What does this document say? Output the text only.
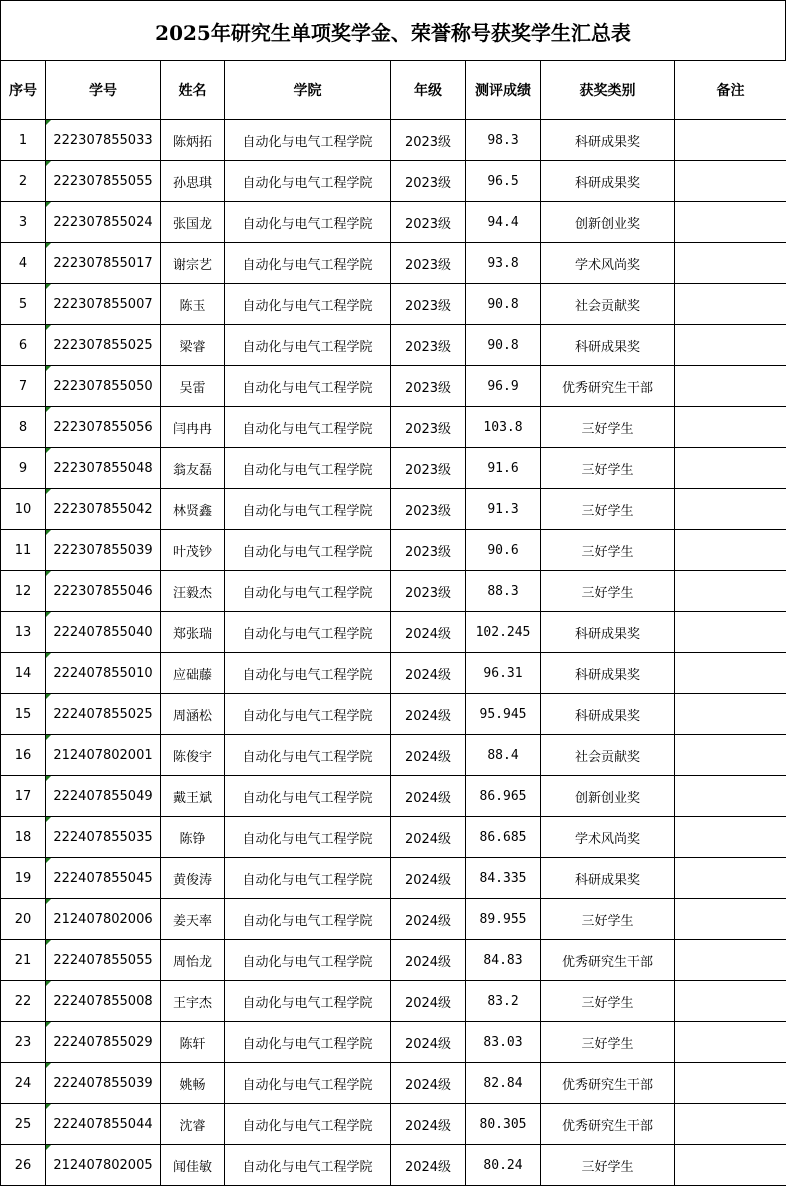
2025年研究生单项奖学金、荣誉称号获奖学生汇总表
序号	学号	姓名	学院	年级	测评成绩	获奖类别	备注
1	222307855033	陈炳拓	自动化与电气工程学院	2023级	98.3	科研成果奖	
2	222307855055	孙思琪	自动化与电气工程学院	2023级	96.5	科研成果奖	
3	222307855024	张国龙	自动化与电气工程学院	2023级	94.4	创新创业奖	
4	222307855017	谢宗艺	自动化与电气工程学院	2023级	93.8	学术风尚奖	
5	222307855007	陈玉	自动化与电气工程学院	2023级	90.8	社会贡献奖	
6	222307855025	梁睿	自动化与电气工程学院	2023级	90.8	科研成果奖	
7	222307855050	吴雷	自动化与电气工程学院	2023级	96.9	优秀研究生干部	
8	222307855056	闫冉冉	自动化与电气工程学院	2023级	103.8	三好学生	
9	222307855048	翁友磊	自动化与电气工程学院	2023级	91.6	三好学生	
10	222307855042	林贤鑫	自动化与电气工程学院	2023级	91.3	三好学生	
11	222307855039	叶茂钞	自动化与电气工程学院	2023级	90.6	三好学生	
12	222307855046	汪毅杰	自动化与电气工程学院	2023级	88.3	三好学生	
13	222407855040	郑张瑞	自动化与电气工程学院	2024级	102.245	科研成果奖	
14	222407855010	应础藤	自动化与电气工程学院	2024级	96.31	科研成果奖	
15	222407855025	周涵松	自动化与电气工程学院	2024级	95.945	科研成果奖	
16	212407802001	陈俊宇	自动化与电气工程学院	2024级	88.4	社会贡献奖	
17	222407855049	戴王斌	自动化与电气工程学院	2024级	86.965	创新创业奖	
18	222407855035	陈铮	自动化与电气工程学院	2024级	86.685	学术风尚奖	
19	222407855045	黄俊涛	自动化与电气工程学院	2024级	84.335	科研成果奖	
20	212407802006	姜天率	自动化与电气工程学院	2024级	89.955	三好学生	
21	222407855055	周怡龙	自动化与电气工程学院	2024级	84.83	优秀研究生干部	
22	222407855008	王宇杰	自动化与电气工程学院	2024级	83.2	三好学生	
23	222407855029	陈轩	自动化与电气工程学院	2024级	83.03	三好学生	
24	222407855039	姚畅	自动化与电气工程学院	2024级	82.84	优秀研究生干部	
25	222407855044	沈睿	自动化与电气工程学院	2024级	80.305	优秀研究生干部	
26	212407802005	闻佳敏	自动化与电气工程学院	2024级	80.24	三好学生	
